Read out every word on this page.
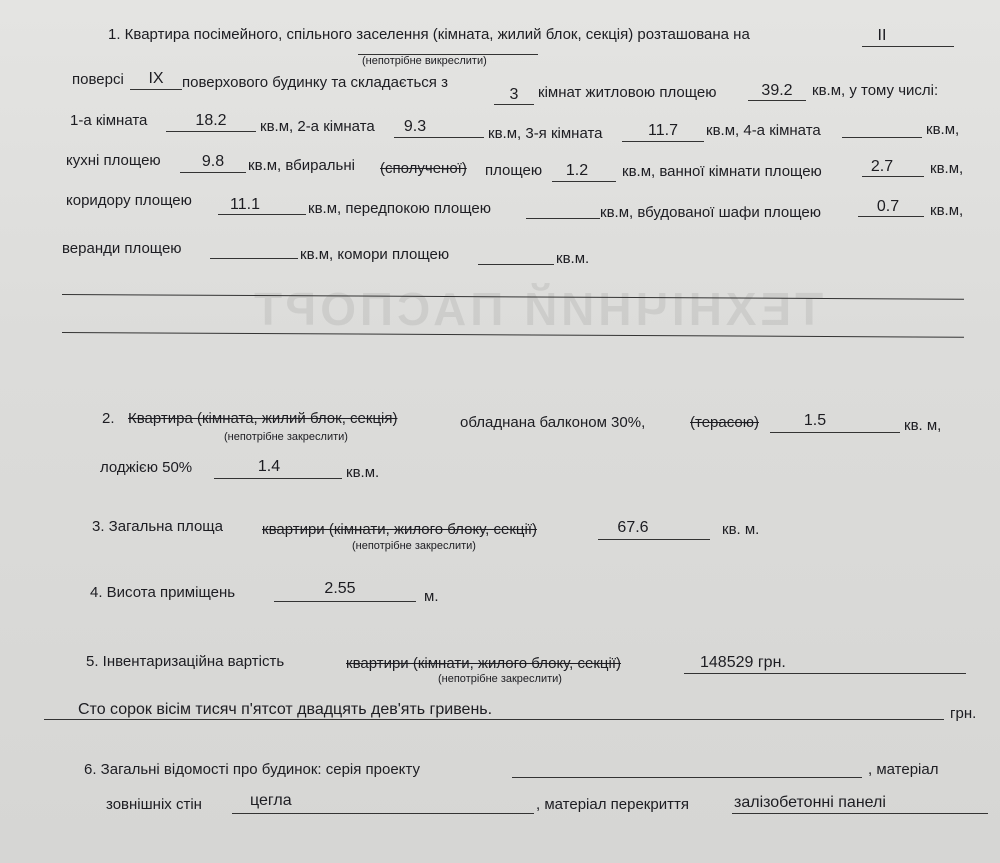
ТЕХНІЧНИЙ ПАСПОРТ
1. Квартира посімейного, спільного заселення (кімната, жилий блок, секція) розташована на	II
(непотрібне викреслити)
поверсі	IX	поверхового будинку та складається з
3	кімнат житловою площею	39.2	кв.м, у тому числі:
1-а кімната	18.2	кв.м, 2-а кімната	9.3	кв.м, 3-я кімната	11.7	кв.м, 4-а кімната	кв.м,
кухні площею	9.8	кв.м, вбиральні (сполученої) площею	1.2	кв.м, ванної кімнати площею	2.7	кв.м,
коридору площею	11.1	кв.м, передпокою площею	кв.м, вбудованої шафи площею	0.7	кв.м,
веранди площею	кв.м, комори площею	кв.м.
2. Квартира (кімната, жилий блок, секція)	обладнана балконом 30%,	(терасою)	1.5	кв. м,
(непотрібне закреслити)
лоджією 50%	1.4	кв.м.
3. Загальна площа	квартири (кімнати, жилого блоку, секції)	67.6	кв. м.
(непотрібне закреслити)
4. Висота приміщень	2.55	м.
5. Інвентаризаційна вартість	квартири (кімнати, жилого блоку, секції)	148529 грн.
(непотрібне закреслити)
Сто сорок вісім тисяч п'ятсот двадцять дев'ять гривень.	грн.
6. Загальні відомості про будинок: серія проекту	, матеріал
зовнішніх стін	цегла	, матеріал перекриття	залізобетонні панелі
